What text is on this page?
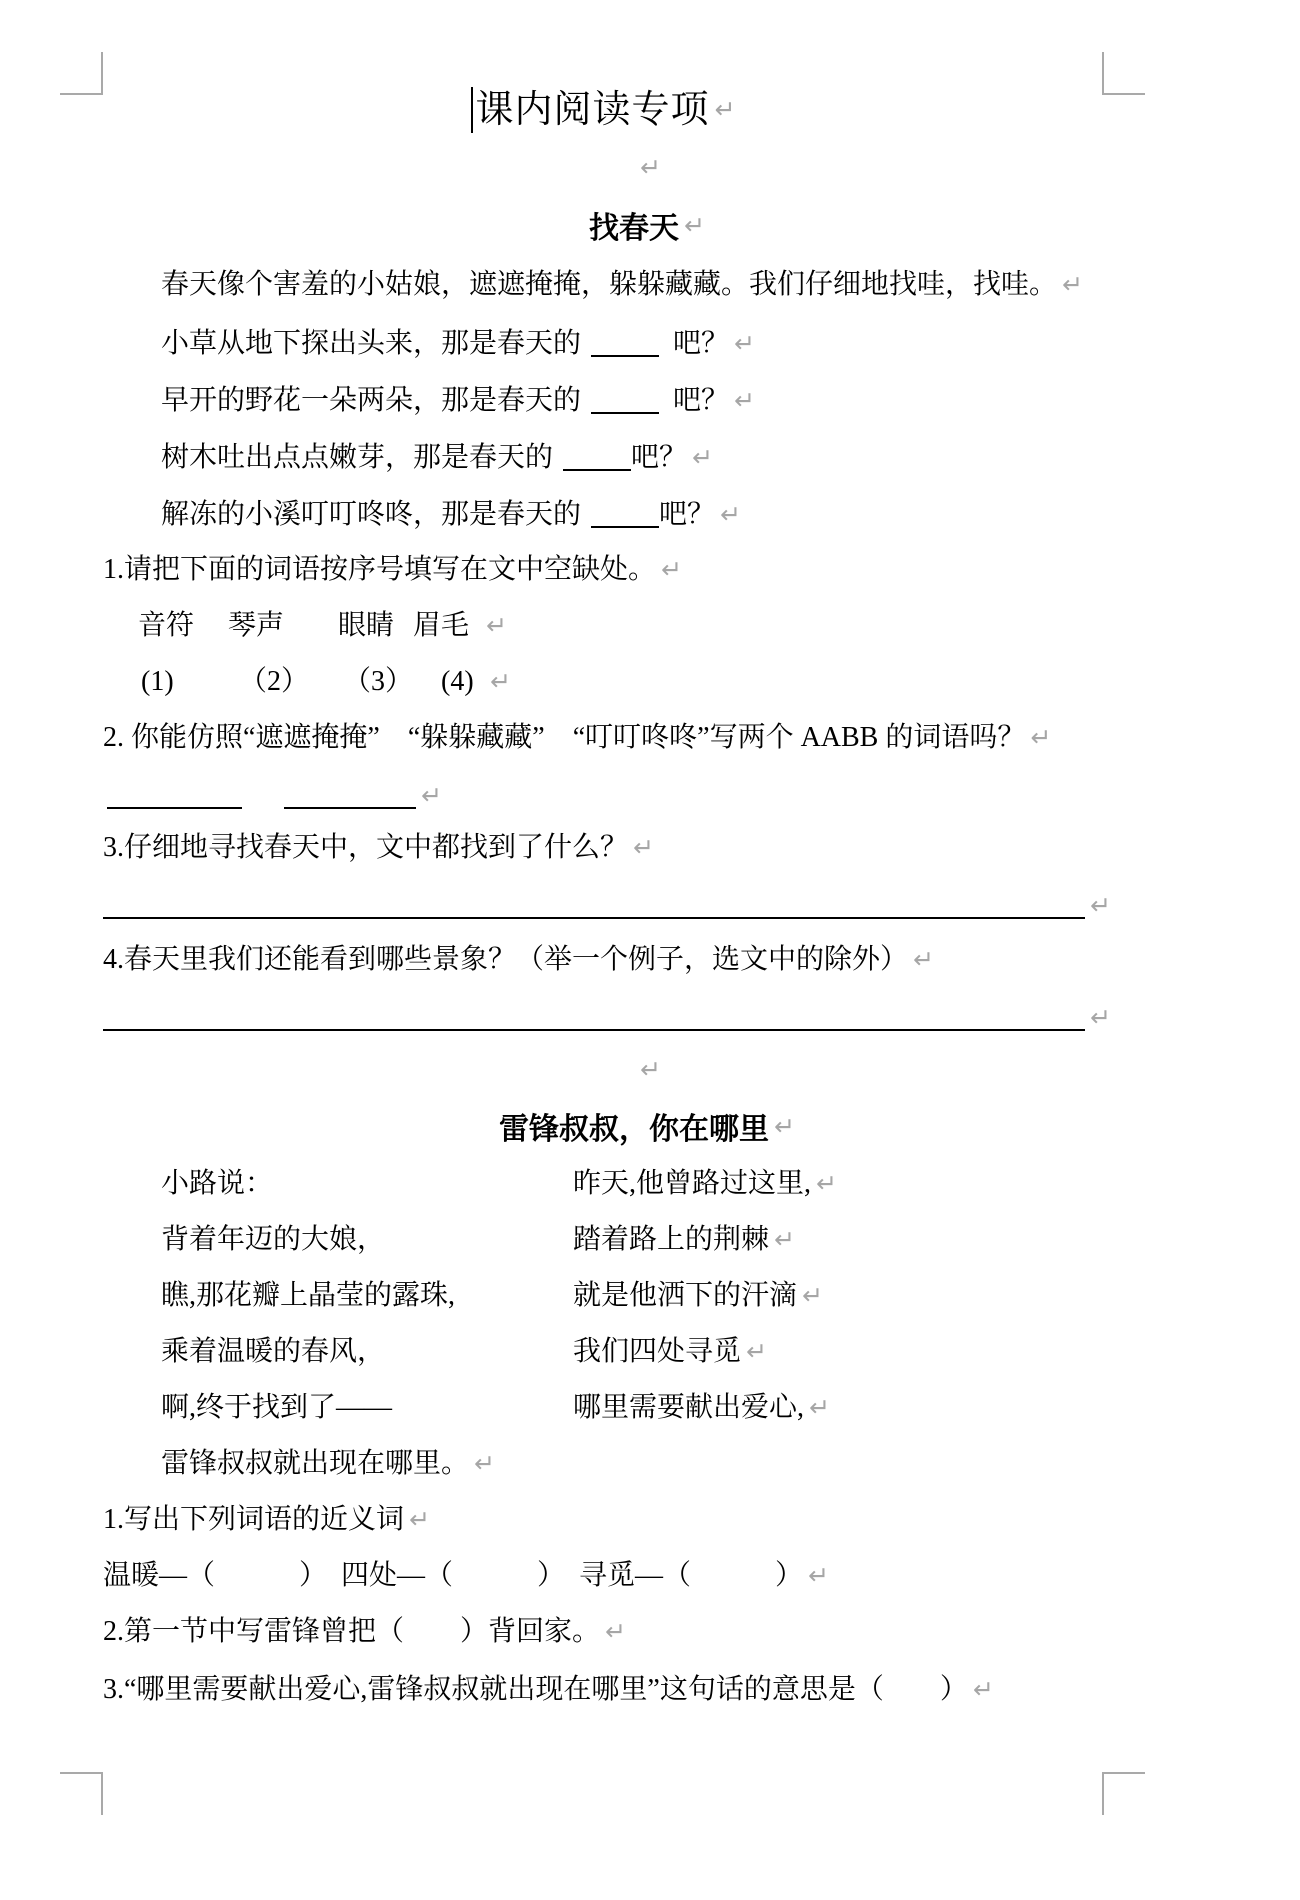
课内阅读专项 ↵
↵
找春天 ↵
春天像个害羞的小姑娘，遮遮掩掩，躲躲藏藏。我们仔细地找哇，找哇。 ↵
小草从地下探出头来，那是春天的	吧？ ↵
早开的野花一朵两朵，那是春天的	吧？ ↵
树木吐出点点嫩芽，那是春天的	吧？ ↵
解冻的小溪叮叮咚咚，那是春天的	吧？ ↵
1.请把下面的词语按序号填写在文中空缺处。 ↵
音符 琴声 眼睛 眉毛 ↵
(1) （2） （3） (4) ↵
2. 你能仿照“遮遮掩掩”　“躲躲藏藏”　“叮叮咚咚”写两个 AABB 的词语吗？ ↵
↵
3.仔细地寻找春天中，文中都找到了什么？ ↵
↵
4.春天里我们还能看到哪些景象？（举一个例子，选文中的除外） ↵
↵
↵
雷锋叔叔，你在哪里 ↵
小路说：	昨天,他曾路过这里, ↵
背着年迈的大娘，	踏着路上的荆棘 ↵
瞧,那花瓣上晶莹的露珠,	就是他洒下的汗滴 ↵
乘着温暖的春风，	我们四处寻觅 ↵
啊,终于找到了——	哪里需要献出爱心, ↵
雷锋叔叔就出现在哪里。 ↵
1.写出下列词语的近义词 ↵
温暖—（　　　）　四处—（　　　）　寻觅—（　　　） ↵
2.第一节中写雷锋曾把（　　）背回家。 ↵
3.“哪里需要献出爱心,雷锋叔叔就出现在哪里”这句话的意思是（　　） ↵
